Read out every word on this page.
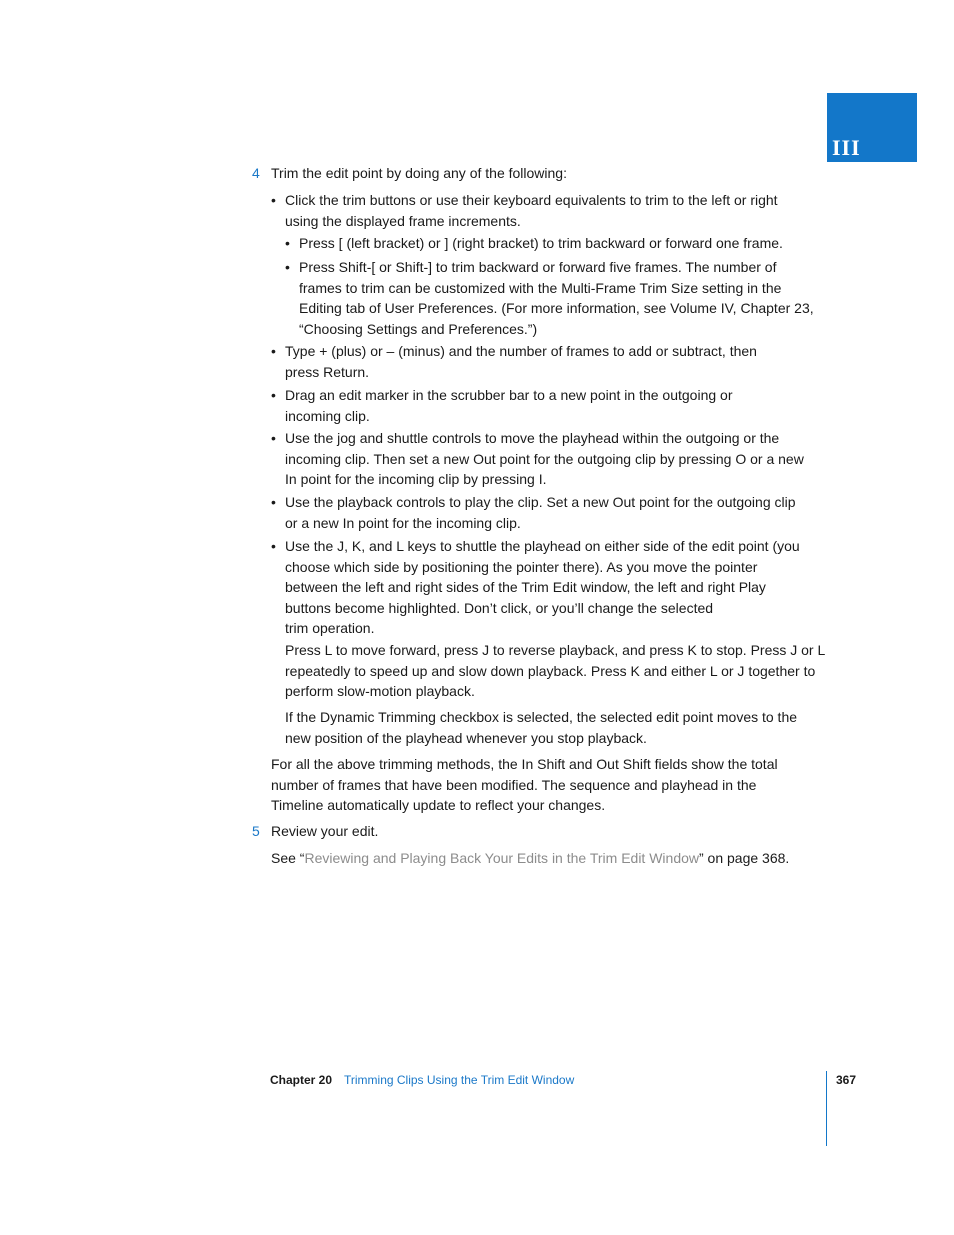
III
4 Trim the edit point by doing any of the following:
• Click the trim buttons or use their keyboard equivalents to trim to the left or right
using the displayed frame increments.
• Press [ (left bracket) or ] (right bracket) to trim backward or forward one frame.
• Press Shift-[ or Shift-] to trim backward or forward five frames. The number of
frames to trim can be customized with the Multi-Frame Trim Size setting in the
Editing tab of User Preferences. (For more information, see Volume IV, Chapter 23,
“Choosing Settings and Preferences.”)
• Type + (plus) or – (minus) and the number of frames to add or subtract, then
press Return.
• Drag an edit marker in the scrubber bar to a new point in the outgoing or
incoming clip.
• Use the jog and shuttle controls to move the playhead within the outgoing or the
incoming clip. Then set a new Out point for the outgoing clip by pressing O or a new
In point for the incoming clip by pressing I.
• Use the playback controls to play the clip. Set a new Out point for the outgoing clip
or a new In point for the incoming clip.
• Use the J, K, and L keys to shuttle the playhead on either side of the edit point (you
choose which side by positioning the pointer there). As you move the pointer
between the left and right sides of the Trim Edit window, the left and right Play
buttons become highlighted. Don’t click, or you’ll change the selected
trim operation.
Press L to move forward, press J to reverse playback, and press K to stop. Press J or L
repeatedly to speed up and slow down playback. Press K and either L or J together to
perform slow-motion playback.
If the Dynamic Trimming checkbox is selected, the selected edit point moves to the
new position of the playhead whenever you stop playback.
For all the above trimming methods, the In Shift and Out Shift fields show the total
number of frames that have been modified. The sequence and playhead in the
Timeline automatically update to reflect your changes.
5 Review your edit.
See “Reviewing and Playing Back Your Edits in the Trim Edit Window” on page 368.
Chapter 20 Trimming Clips Using the Trim Edit Window	367
